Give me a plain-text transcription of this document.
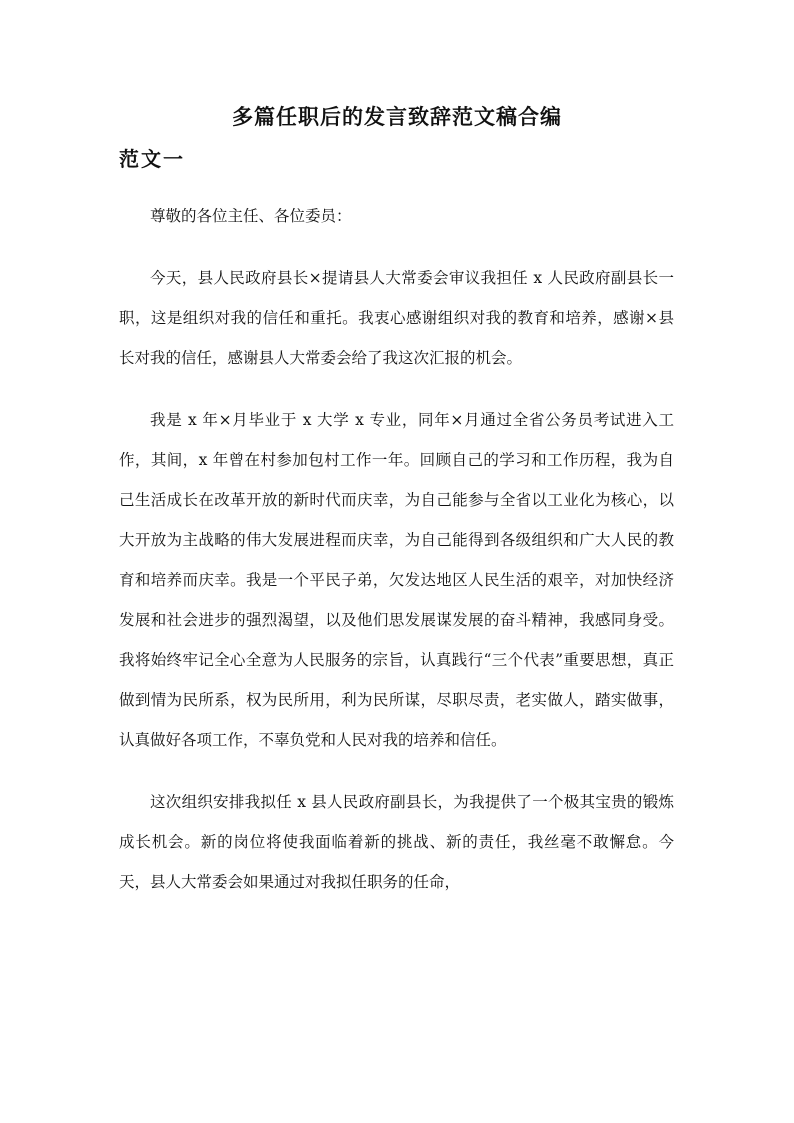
多篇任职后的发言致辞范文稿合编
范文一

尊敬的各位主任、各位委员：

今天，县人民政府县长×提请县人大常委会审议我担任 x 人民政府副县长一职，这是组织对我的信任和重托。我衷心感谢组织对我的教育和培养，感谢×县长对我的信任，感谢县人大常委会给了我这次汇报的机会。

我是 x 年×月毕业于 x 大学 x 专业，同年×月通过全省公务员考试进入工作，其间，x 年曾在村参加包村工作一年。回顾自己的学习和工作历程，我为自己生活成长在改革开放的新时代而庆幸，为自己能参与全省以工业化为核心，以大开放为主战略的伟大发展进程而庆幸，为自己能得到各级组织和广大人民的教育和培养而庆幸。我是一个平民子弟，欠发达地区人民生活的艰辛，对加快经济发展和社会进步的强烈渴望，以及他们思发展谋发展的奋斗精神，我感同身受。我将始终牢记全心全意为人民服务的宗旨，认真践行“三个代表”重要思想，真正做到情为民所系，权为民所用，利为民所谋，尽职尽责，老实做人，踏实做事，认真做好各项工作，不辜负党和人民对我的培养和信任。

这次组织安排我拟任 x 县人民政府副县长，为我提供了一个极其宝贵的锻炼成长机会。新的岗位将使我面临着新的挑战、新的责任，我丝毫不敢懈怠。今天，县人大常委会如果通过对我拟任职务的任命，
